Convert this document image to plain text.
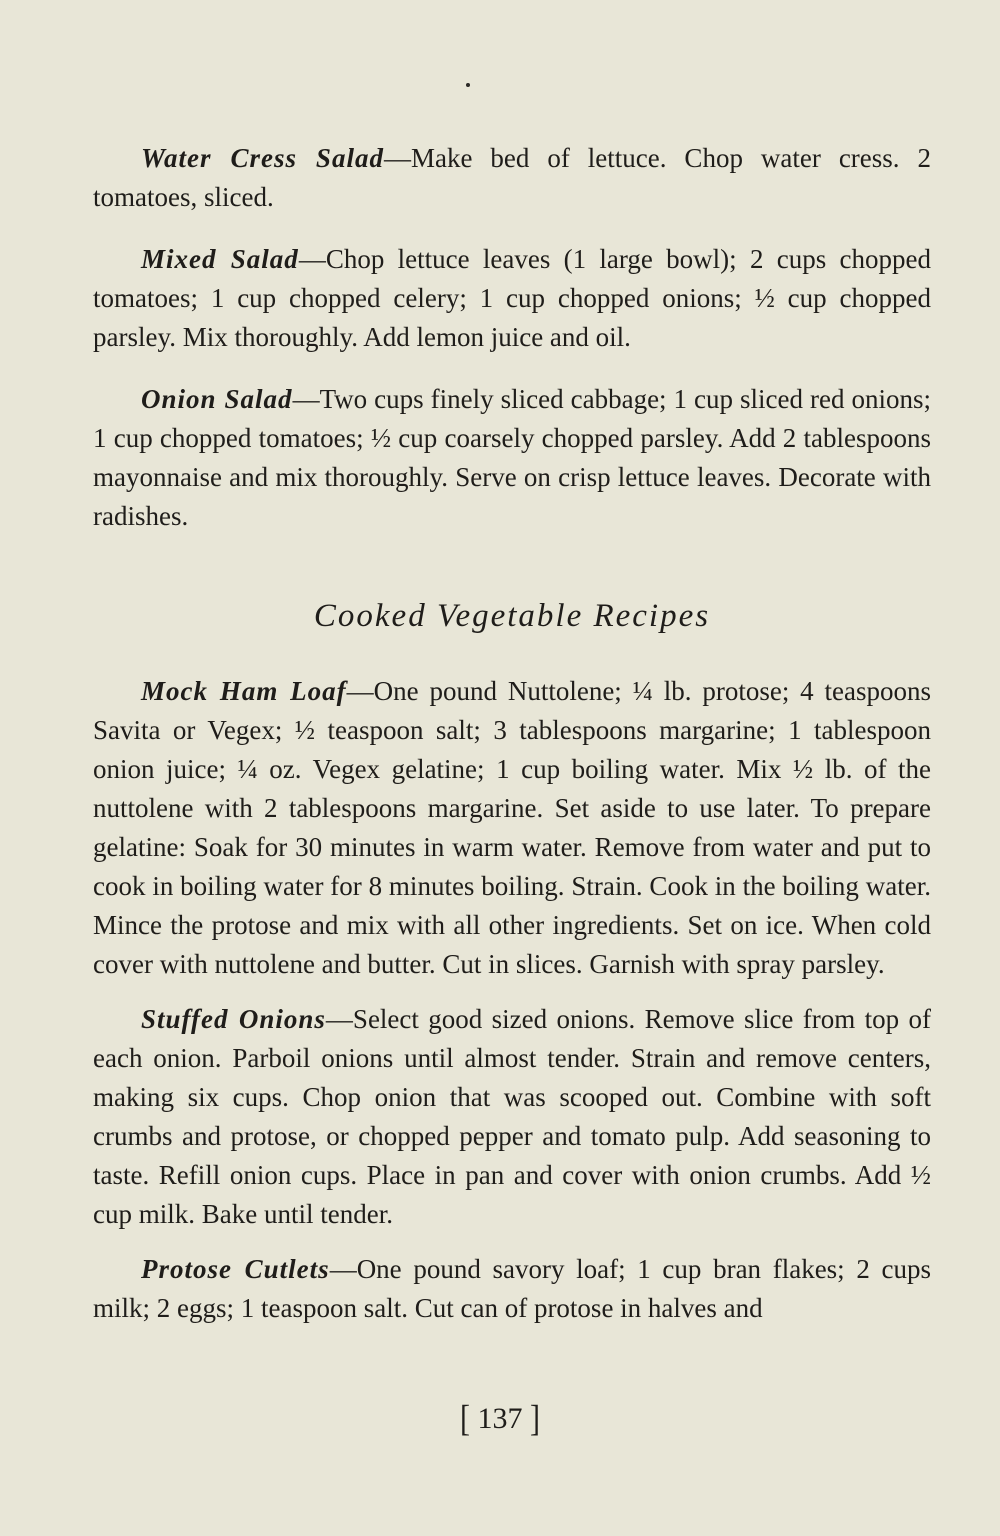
Water Cress Salad—Make bed of lettuce. Chop water cress. 2 tomatoes, sliced.

Mixed Salad—Chop lettuce leaves (1 large bowl); 2 cups chopped tomatoes; 1 cup chopped celery; 1 cup chopped onions; ½ cup chopped parsley. Mix thoroughly. Add lemon juice and oil.

Onion Salad—Two cups finely sliced cabbage; 1 cup sliced red onions; 1 cup chopped tomatoes; ½ cup coarsely chopped parsley. Add 2 tablespoons mayonnaise and mix thoroughly. Serve on crisp lettuce leaves. Decorate with radishes.

Cooked Vegetable Recipes

Mock Ham Loaf—One pound Nuttolene; ¼ lb. protose; 4 teaspoons Savita or Vegex; ½ teaspoon salt; 3 tablespoons margarine; 1 tablespoon onion juice; ¼ oz. Vegex gelatine; 1 cup boiling water. Mix ½ lb. of the nuttolene with 2 tablespoons margarine. Set aside to use later. To prepare gelatine: Soak for 30 minutes in warm water. Remove from water and put to cook in boiling water for 8 minutes boiling. Strain. Cook in the boiling water. Mince the protose and mix with all other ingredients. Set on ice. When cold cover with nuttolene and butter. Cut in slices. Garnish with spray parsley.

Stuffed Onions—Select good sized onions. Remove slice from top of each onion. Parboil onions until almost tender. Strain and remove centers, making six cups. Chop onion that was scooped out. Combine with soft crumbs and protose, or chopped pepper and tomato pulp. Add seasoning to taste. Refill onion cups. Place in pan and cover with onion crumbs. Add ½ cup milk. Bake until tender.

Protose Cutlets—One pound savory loaf; 1 cup bran flakes; 2 cups milk; 2 eggs; 1 teaspoon salt. Cut can of protose in halves and

[ 137 ]
